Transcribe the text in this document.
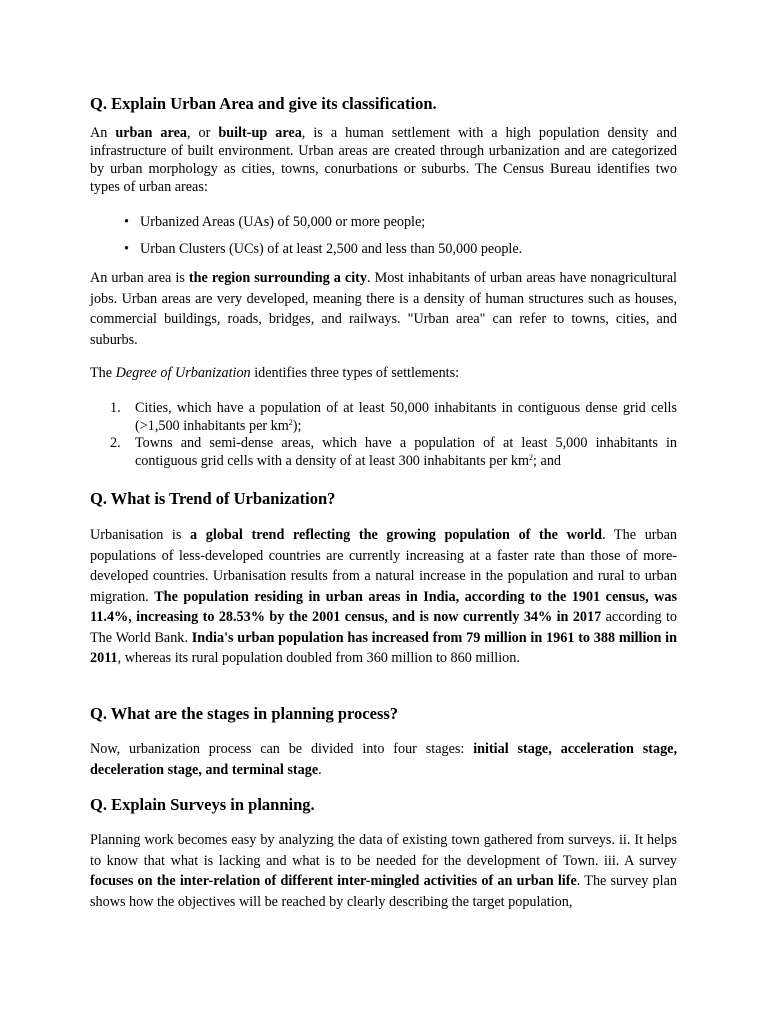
Q. Explain Urban Area and give its classification.

An urban area, or built-up area, is a human settlement with a high population density and infrastructure of built environment. Urban areas are created through urbanization and are categorized by urban morphology as cities, towns, conurbations or suburbs. The Census Bureau identifies two types of urban areas:

• Urbanized Areas (UAs) of 50,000 or more people;
• Urban Clusters (UCs) of at least 2,500 and less than 50,000 people.

An urban area is the region surrounding a city. Most inhabitants of urban areas have nonagricultural jobs. Urban areas are very developed, meaning there is a density of human structures such as houses, commercial buildings, roads, bridges, and railways. "Urban area" can refer to towns, cities, and suburbs.

The Degree of Urbanization identifies three types of settlements:

1. Cities, which have a population of at least 50,000 inhabitants in contiguous dense grid cells (>1,500 inhabitants per $km^2$);
2. Towns and semi-dense areas, which have a population of at least 5,000 inhabitants in contiguous grid cells with a density of at least 300 inhabitants per $km^2$; and
Q. What is Trend of Urbanization?

Urbanisation is a global trend reflecting the growing population of the world. The urban populations of less-developed countries are currently increasing at a faster rate than those of more-developed countries. Urbanisation results from a natural increase in the population and rural to urban migration. The population residing in urban areas in India, according to the 1901 census, was 11.4%, increasing to 28.53% by the 2001 census, and is now currently 34% in 2017 according to The World Bank. India's urban population has increased from 79 million in 1961 to 388 million in 2011, whereas its rural population doubled from 360 million to 860 million.

Q. What are the stages in planning process?

Now, urbanization process can be divided into four stages: initial stage, acceleration stage, deceleration stage, and terminal stage.

Q. Explain Surveys in planning.

Planning work becomes easy by analyzing the data of existing town gathered from surveys. ii. It helps to know that what is lacking and what is to be needed for the development of Town. iii. A survey focuses on the inter-relation of different inter-mingled activities of an urban life. The survey plan shows how the objectives will be reached by clearly describing the target population,
